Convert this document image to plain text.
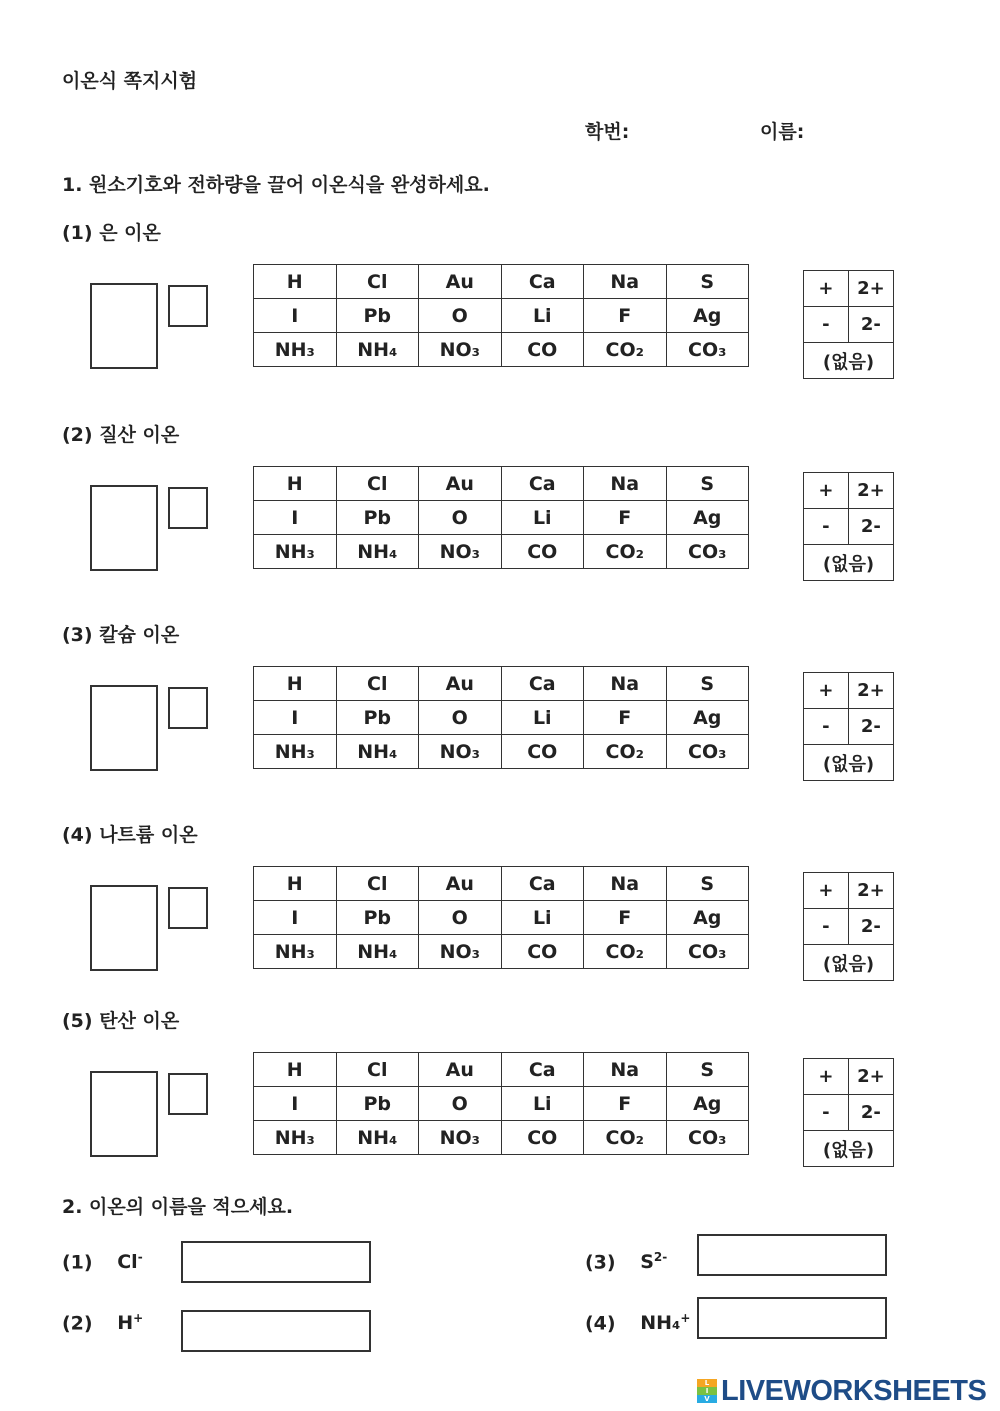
이온식 쪽지시험
학번:	이름:
1. 원소기호와 전하량을 끌어 이온식을 완성하세요.
(1) 은 이온
H	Cl	Au	Ca	Na	S
I	Pb	O	Li	F	Ag
NH₃	NH₄	NO₃	CO	CO₂	CO₃
+	2+
-	2-
(없음)	
(2) 질산 이온
H	Cl	Au	Ca	Na	S
I	Pb	O	Li	F	Ag
NH₃	NH₄	NO₃	CO	CO₂	CO₃
+	2+
-	2-
(없음)	
(3) 칼슘 이온
H	Cl	Au	Ca	Na	S
I	Pb	O	Li	F	Ag
NH₃	NH₄	NO₃	CO	CO₂	CO₃
+	2+
-	2-
(없음)	
(4) 나트륨 이온
H	Cl	Au	Ca	Na	S
I	Pb	O	Li	F	Ag
NH₃	NH₄	NO₃	CO	CO₂	CO₃
+	2+
-	2-
(없음)	
(5) 탄산 이온
H	Cl	Au	Ca	Na	S
I	Pb	O	Li	F	Ag
NH₃	NH₄	NO₃	CO	CO₂	CO₃
+	2+
-	2-
(없음)	
2. 이온의 이름을 적으세요.
(1) Cl-
(2) H+
(3) $S^{2-}$
(4) NH₄+
L
I
V LIVEWORKSHEETS
